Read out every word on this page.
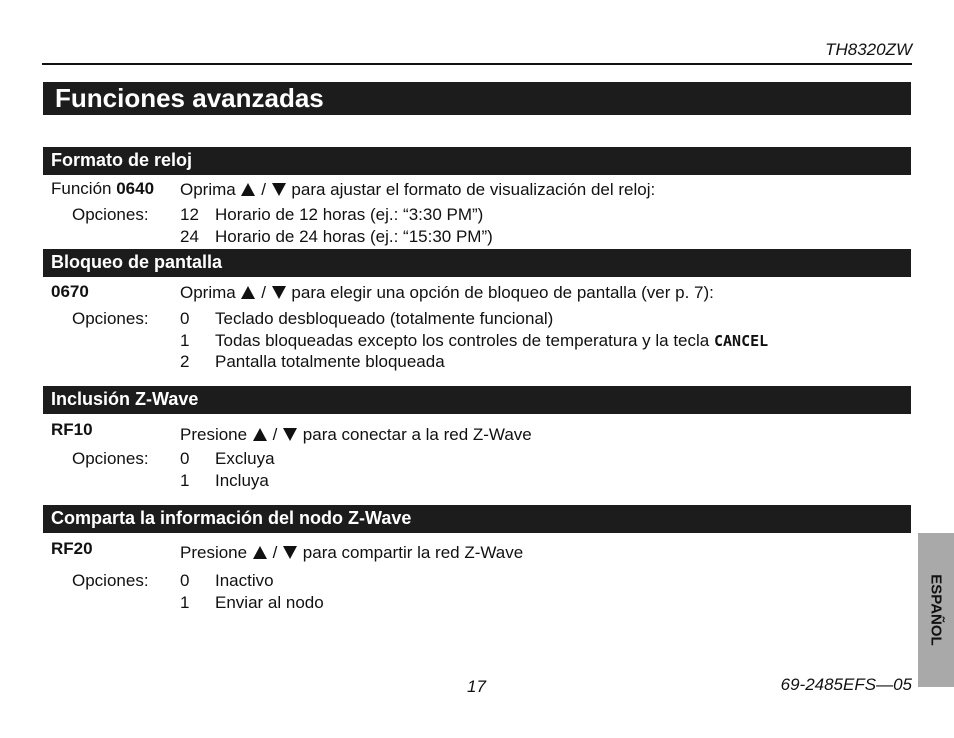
TH8320ZW
Funciones avanzadas
Formato de reloj
Función 0640 Oprima / para ajustar el formato de visualización del reloj:
Opciones: 12 Horario de 12 horas (ej.: “3:30 PM”)
24 Horario de 24 horas (ej.: “15:30 PM”)
Bloqueo de pantalla
0670	Oprima / para elegir una opción de bloqueo de pantalla (ver p. 7):
Opciones: 0 Teclado desbloqueado (totalmente funcional)
1 Todas bloqueadas excepto los controles de temperatura y la tecla CANCEL
2 Pantalla totalmente bloqueada
Inclusión Z-Wave
RF10	Presione / para conectar a la red Z-Wave
Opciones: 0 Excluya
1 Incluya
Comparta la información del nodo Z-Wave
RF20	Presione / para compartir la red Z-Wave
Opciones: 0 Inactivo
1 Enviar al nodo	ESPAÑOL
17	69-2485EFS—05
